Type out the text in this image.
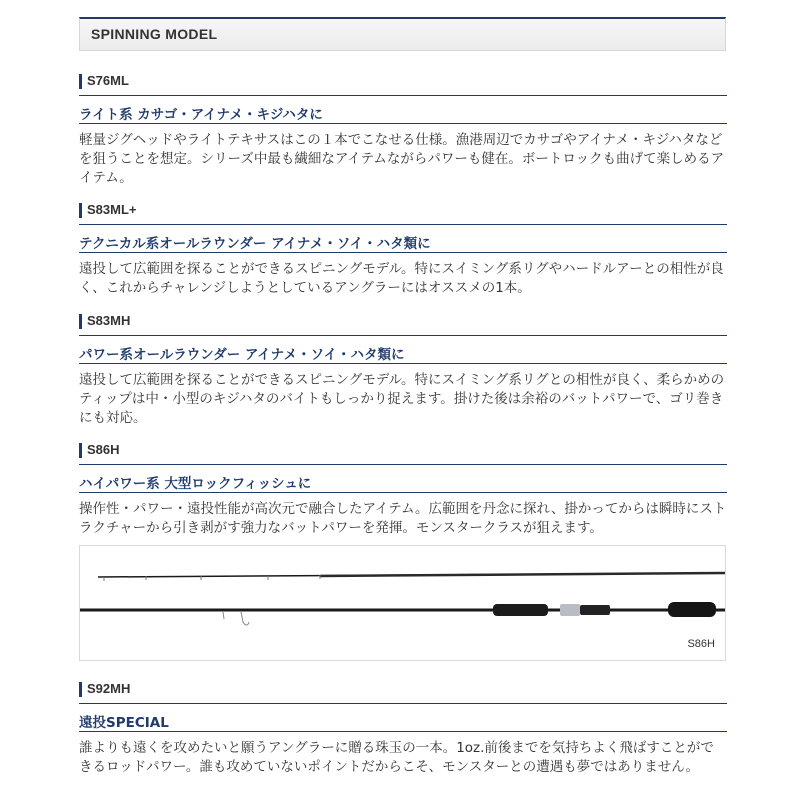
SPINNING MODEL
S76ML
ライト系 カサゴ・アイナメ・キジハタに
軽量ジグヘッドやライトテキサスはこの１本でこなせる仕様。漁港周辺でカサゴやアイナメ・キジハタなどを狙うことを想定。シリーズ中最も繊細なアイテムながらパワーも健在。ボートロックも曲げて楽しめるアイテム。
S83ML+
テクニカル系オールラウンダー アイナメ・ソイ・ハタ類に
遠投して広範囲を探ることができるスピニングモデル。特にスイミング系リグやハードルアーとの相性が良く、これからチャレンジしようとしているアングラーにはオススメの1本。
S83MH
パワー系オールラウンダー アイナメ・ソイ・ハタ類に
遠投して広範囲を探ることができるスピニングモデル。特にスイミング系リグとの相性が良く、柔らかめのティップは中・小型のキジハタのバイトもしっかり捉えます。掛けた後は余裕のバットパワーで、ゴリ巻きにも対応。
S86H
ハイパワー系 大型ロックフィッシュに
操作性・パワー・遠投性能が高次元で融合したアイテム。広範囲を丹念に探れ、掛かってからは瞬時にストラクチャーから引き剥がす強力なバットパワーを発揮。モンスタークラスが狙えます。
S86H
S92MH
遠投SPECIAL
誰よりも遠くを攻めたいと願うアングラーに贈る珠玉の一本。1oz.前後までを気持ちよく飛ばすことができるロッドパワー。誰も攻めていないポイントだからこそ、モンスターとの遭遇も夢ではありません。
